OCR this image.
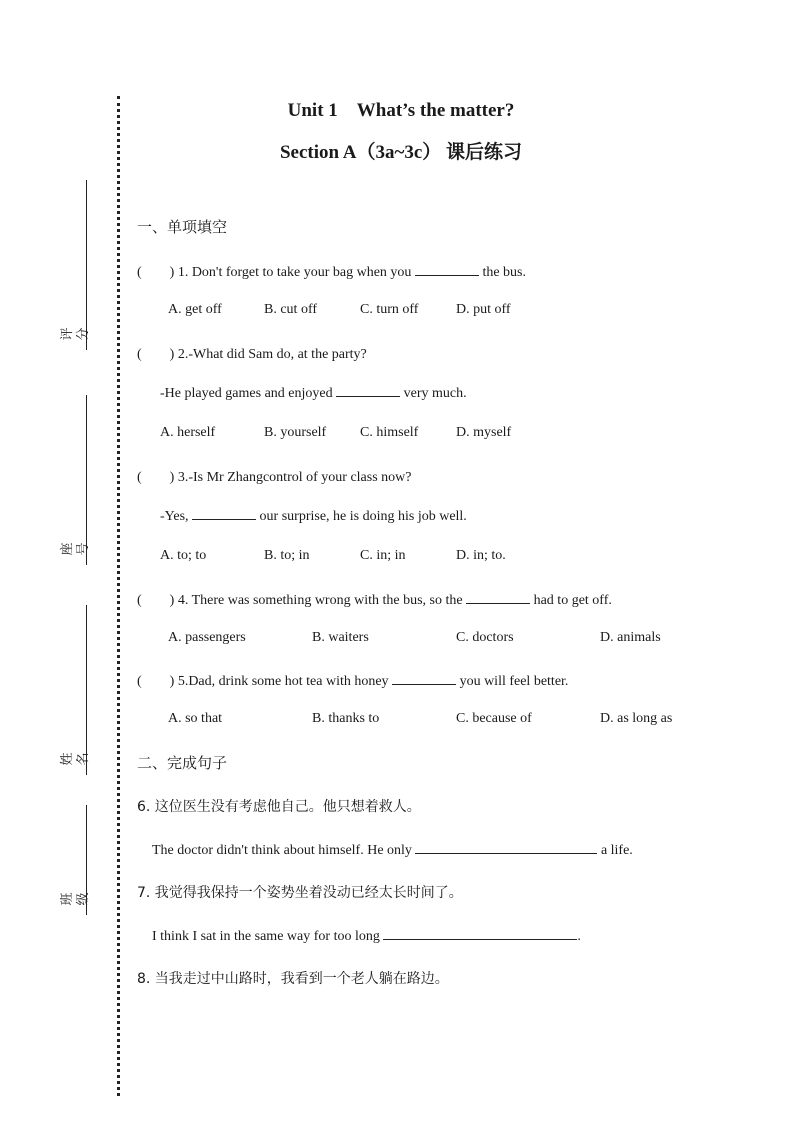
评分
座号
姓名
班级
Unit 1　What’s the matter?
Section A（3a~3c） 课后练习
一、单项填空
(　　) 1. Don't forget to take your bag when you	the bus.
A. get off	B. cut off	C. turn off	D. put off
(　　) 2.-What did Sam do, at the party?
-He played games and enjoyed	very much.
A. herself	B. yourself C. himself	D. myself
(　　) 3.-Is Mr Zhangcontrol of your class now?
-Yes,	our surprise, he is doing his job well.
A. to; to	B. to; in	C. in; in	D. in; to.
(　　) 4. There was something wrong with the bus, so the	had to get off.
A. passengers	B. waiters	C. doctors	D. animals
(　　) 5.Dad, drink some hot tea with honey	you will feel better.
A. so that	B. thanks to	C. because of	D. as long as
二、完成句子
6. 这位医生没有考虑他自己。他只想着救人。
The doctor didn't think about himself. He only	a life.
7. 我觉得我保持一个姿势坐着没动已经太长时间了。
I think I sat in the same way for too long	.
8. 当我走过中山路时，我看到一个老人躺在路边。
